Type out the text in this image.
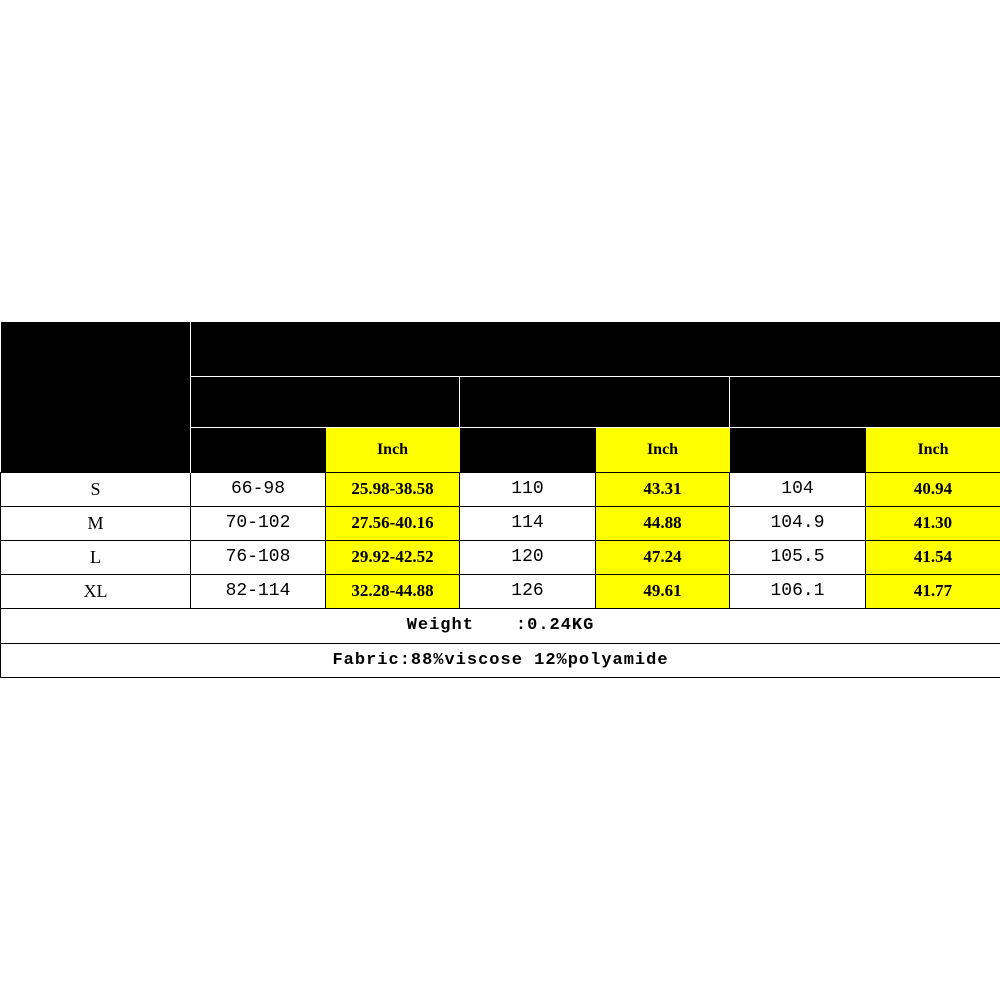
Size	TM5404# Measurement					
	Waist		Hip		Length	
	cm	Inch	cm	Inch	cm	Inch
S	66-98	25.98-38.58	110	43.31	104	40.94
M	70-102	27.56-40.16	114	44.88	104.9	41.30
L	76-108	29.92-42.52	120	47.24	105.5	41.54
XL	82-114	32.28-44.88	126	49.61	106.1	41.77
Weight :0.24KG						
Fabric:88%viscose 12%polyamide						
